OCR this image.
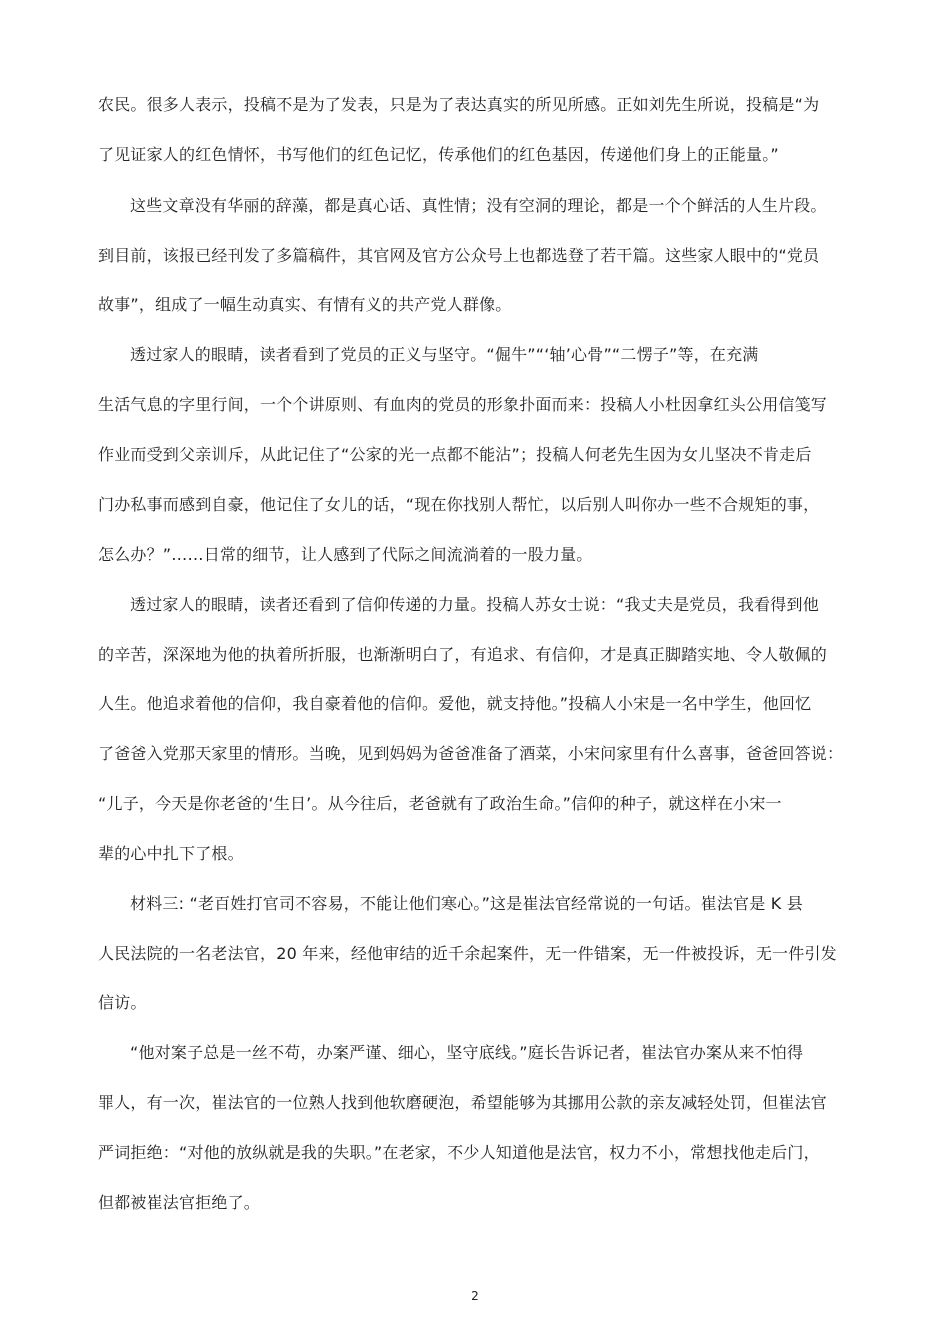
农民。很多人表示，投稿不是为了发表，只是为了表达真实的所见所感。正如刘先生所说，投稿是“为
了见证家人的红色情怀，书写他们的红色记忆，传承他们的红色基因，传递他们身上的正能量。”
这些文章没有华丽的辞藻，都是真心话、真性情；没有空洞的理论，都是一个个鲜活的人生片段。
到目前，该报已经刊发了多篇稿件，其官网及官方公众号上也都选登了若干篇。这些家人眼中的“党员
故事”，组成了一幅生动真实、有情有义的共产党人群像。
透过家人的眼睛，读者看到了党员的正义与坚守。“倔牛”“‘轴’心骨”“二愣子”等，在充满
生活气息的字里行间，一个个讲原则、有血肉的党员的形象扑面而来：投稿人小杜因拿红头公用信笺写
作业而受到父亲训斥，从此记住了“公家的光一点都不能沾”；投稿人何老先生因为女儿坚决不肯走后
门办私事而感到自豪，他记住了女儿的话，“现在你找别人帮忙，以后别人叫你办一些不合规矩的事，
怎么办？”……日常的细节，让人感到了代际之间流淌着的一股力量。
透过家人的眼睛，读者还看到了信仰传递的力量。投稿人苏女士说：“我丈夫是党员，我看得到他
的辛苦，深深地为他的执着所折服，也渐渐明白了，有追求、有信仰，才是真正脚踏实地、令人敬佩的
人生。他追求着他的信仰，我自豪着他的信仰。爱他，就支持他。”投稿人小宋是一名中学生，他回忆
了爸爸入党那天家里的情形。当晚，见到妈妈为爸爸准备了酒菜，小宋问家里有什么喜事，爸爸回答说：
“儿子，今天是你老爸的‘生日’。从今往后，老爸就有了政治生命。”信仰的种子，就这样在小宋一
辈的心中扎下了根。
材料三: “老百姓打官司不容易，不能让他们寒心。”这是崔法官经常说的一句话。崔法官是 K 县
人民法院的一名老法官，20 年来，经他审结的近千余起案件，无一件错案，无一件被投诉，无一件引发
信访。
“他对案子总是一丝不苟，办案严谨、细心，坚守底线。”庭长告诉记者，崔法官办案从来不怕得
罪人，有一次，崔法官的一位熟人找到他软磨硬泡，希望能够为其挪用公款的亲友减轻处罚，但崔法官
严词拒绝：“对他的放纵就是我的失职。”在老家，不少人知道他是法官，权力不小，常想找他走后门，
但都被崔法官拒绝了。
2
